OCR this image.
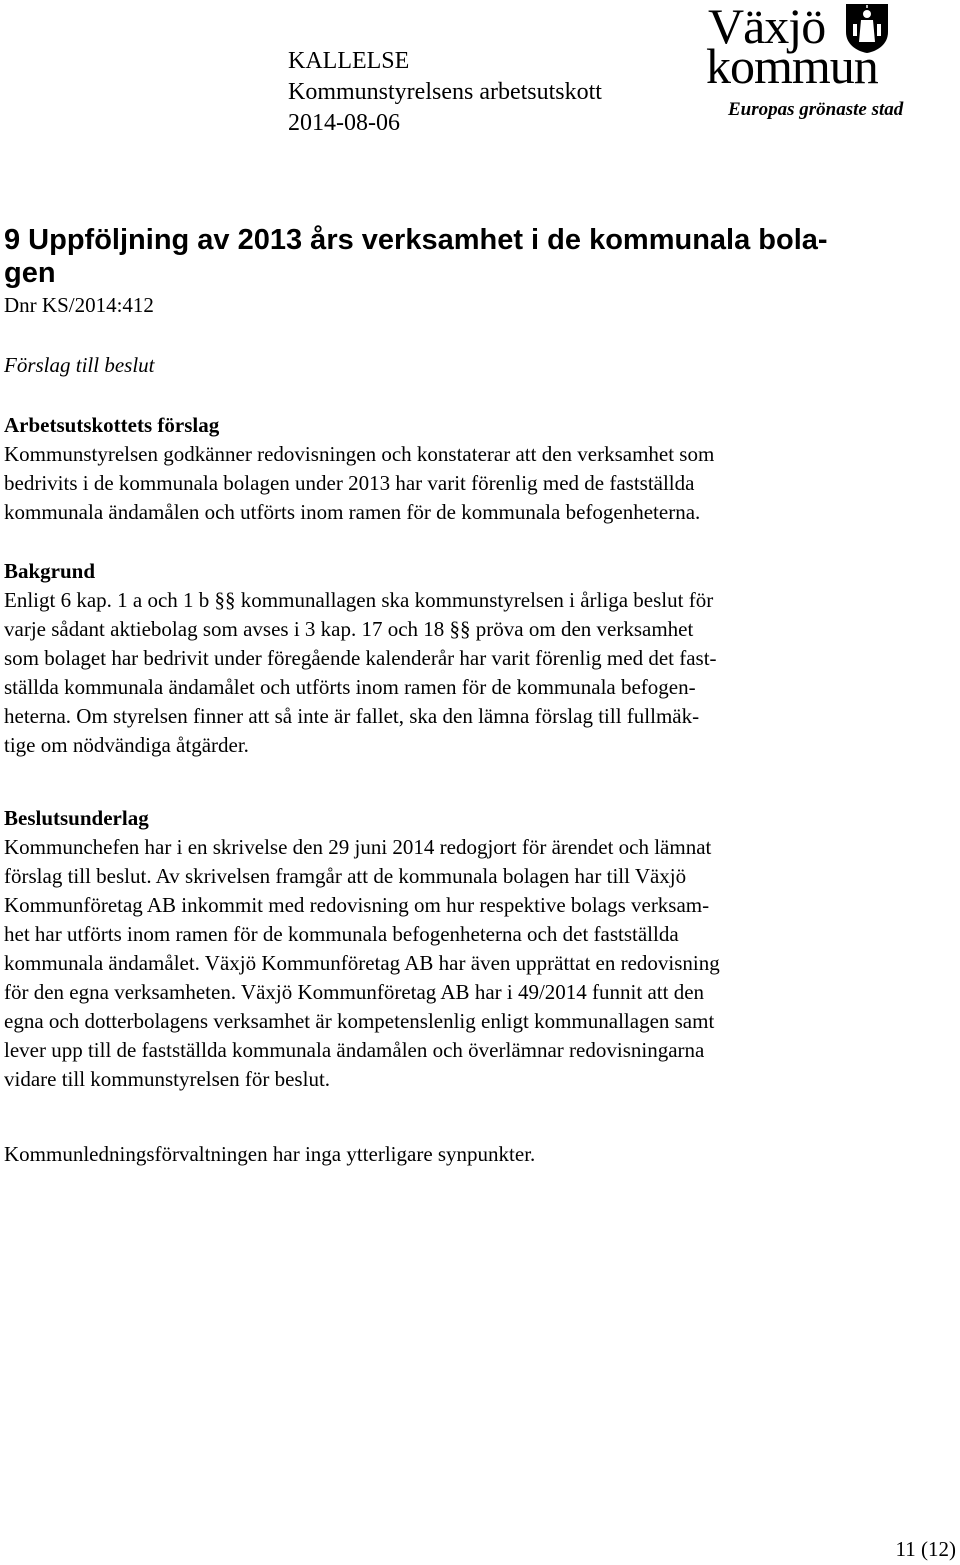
KALLELSE
Kommunstyrelsens arbetsutskott
2014-08-06
Växjö
kommun
Europas grönaste stad
9 Uppföljning av 2013 års verksamhet i de kommunala bola-
gen
Dnr KS/2014:412
Förslag till beslut
Arbetsutskottets förslag
Kommunstyrelsen godkänner redovisningen och konstaterar att den verksamhet som
bedrivits i de kommunala bolagen under 2013 har varit förenlig med de fastställda
kommunala ändamålen och utförts inom ramen för de kommunala befogenheterna.
Bakgrund
Enligt 6 kap. 1 a och 1 b §§ kommunallagen ska kommunstyrelsen i årliga beslut för
varje sådant aktiebolag som avses i 3 kap. 17 och 18 §§ pröva om den verksamhet
som bolaget har bedrivit under föregående kalenderår har varit förenlig med det fast-
ställda kommunala ändamålet och utförts inom ramen för de kommunala befogen-
heterna. Om styrelsen finner att så inte är fallet, ska den lämna förslag till fullmäk-
tige om nödvändiga åtgärder.
Beslutsunderlag
Kommunchefen har i en skrivelse den 29 juni 2014 redogjort för ärendet och lämnat
förslag till beslut. Av skrivelsen framgår att de kommunala bolagen har till Växjö
Kommunföretag AB inkommit med redovisning om hur respektive bolags verksam-
het har utförts inom ramen för de kommunala befogenheterna och det fastställda
kommunala ändamålet. Växjö Kommunföretag AB har även upprättat en redovisning
för den egna verksamheten. Växjö Kommunföretag AB har i 49/2014 funnit att den
egna och dotterbolagens verksamhet är kompetenslenlig enligt kommunallagen samt
lever upp till de fastställda kommunala ändamålen och överlämnar redovisningarna
vidare till kommunstyrelsen för beslut.
Kommunledningsförvaltningen har inga ytterligare synpunkter.
11 (12)
